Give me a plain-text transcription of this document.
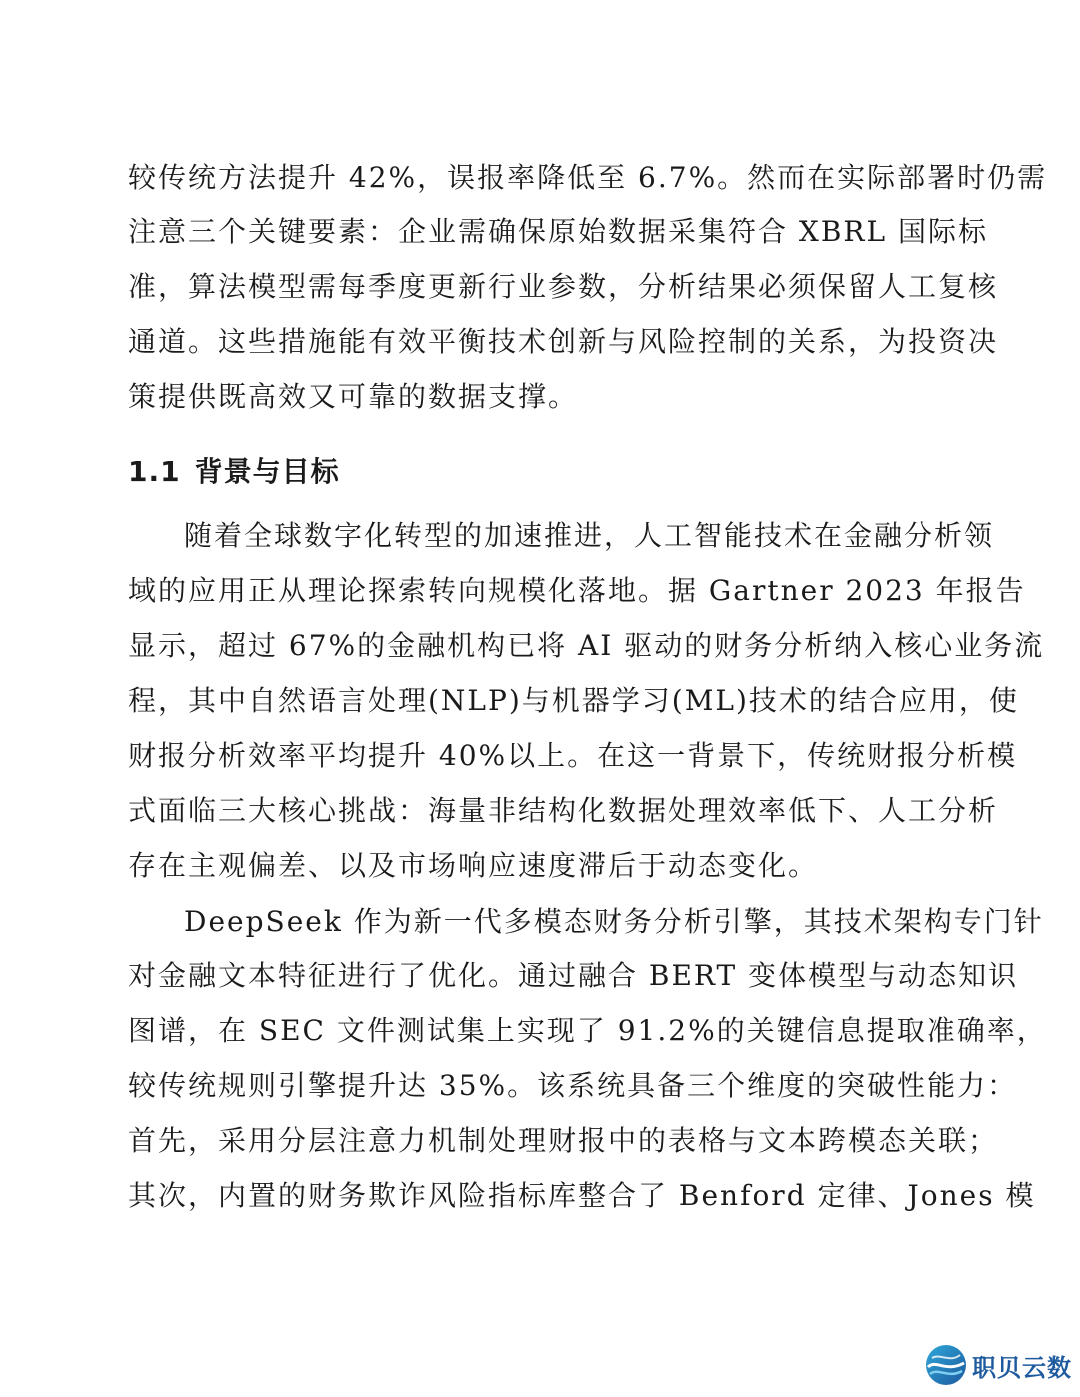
较传统方法提升 42%，误报率降低至 6.7%。然而在实际部署时仍需
注意三个关键要素：企业需确保原始数据采集符合 XBRL 国际标
准，算法模型需每季度更新行业参数，分析结果必须保留人工复核
通道。这些措施能有效平衡技术创新与风险控制的关系，为投资决
策提供既高效又可靠的数据支撑。
1.1 背景与目标
随着全球数字化转型的加速推进，人工智能技术在金融分析领
域的应用正从理论探索转向规模化落地。据 Gartner 2023 年报告
显示，超过 67%的金融机构已将 AI 驱动的财务分析纳入核心业务流
程，其中自然语言处理(NLP)与机器学习(ML)技术的结合应用，使
财报分析效率平均提升 40%以上。在这一背景下，传统财报分析模
式面临三大核心挑战：海量非结构化数据处理效率低下、人工分析
存在主观偏差、以及市场响应速度滞后于动态变化。
DeepSeek 作为新一代多模态财务分析引擎，其技术架构专门针
对金融文本特征进行了优化。通过融合 BERT 变体模型与动态知识
图谱，在 SEC 文件测试集上实现了 91.2%的关键信息提取准确率，
较传统规则引擎提升达 35%。该系统具备三个维度的突破性能力：
首先，采用分层注意力机制处理财报中的表格与文本跨模态关联；
其次，内置的财务欺诈风险指标库整合了 Benford 定律、Jones 模
职贝云数
